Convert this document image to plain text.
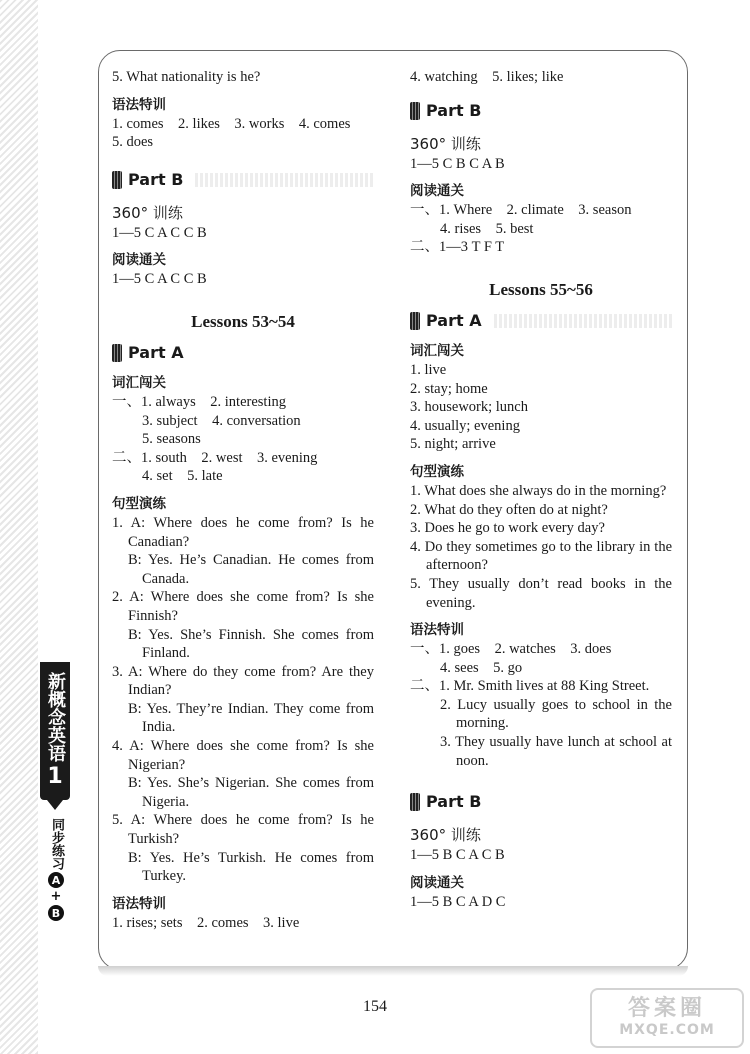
新概念英语
1
同步练习
A
+
B
5. What nationality is he?
语法特训
1. comes    2. likes    3. works    4. comes
5. does
Part B
360° 训练
1—5 C A C C B
阅读通关
1—5 C A C C B
Lessons 53~54
Part A
词汇闯关
一、1. always    2. interesting
3. subject    4. conversation
5. seasons
二、1. south    2. west    3. evening
4. set    5. late
句型演练
1. A: Where does he come from? Is he Canadian?
B: Yes. He’s Canadian. He comes from Canada.
2. A: Where does she come from? Is she Finnish?
B: Yes. She’s Finnish. She comes from Finland.
3. A: Where do they come from? Are they Indian?
B: Yes. They’re Indian. They come from India.
4. A: Where does she come from? Is she Nigerian?
B: Yes. She’s Nigerian. She comes from Nigeria.
5. A: Where does he come from? Is he Turkish?
B: Yes. He’s Turkish. He comes from Turkey.
语法特训
1. rises; sets    2. comes    3. live
4. watching    5. likes; like
Part B
360° 训练
1—5 C B C A B
阅读通关
一、1. Where    2. climate    3. season
4. rises    5. best
二、1—3 T F T
Lessons 55~56
Part A
词汇闯关
1. live
2. stay; home
3. housework; lunch
4. usually; evening
5. night; arrive
句型演练
1. What does she always do in the morning?
2. What do they often do at night?
3. Does he go to work every day?
4. Do they sometimes go to the library in the afternoon?
5. They usually don’t read books in the evening.
语法特训
一、1. goes    2. watches    3. does
4. sees    5. go
二、1. Mr. Smith lives at 88 King Street.
2. Lucy usually goes to school in the morning.
3. They usually have lunch at school at noon.
Part B
360° 训练
1—5 B C A C B
阅读通关
1—5 B C A D C
154	答案圈
MXQE.COM
